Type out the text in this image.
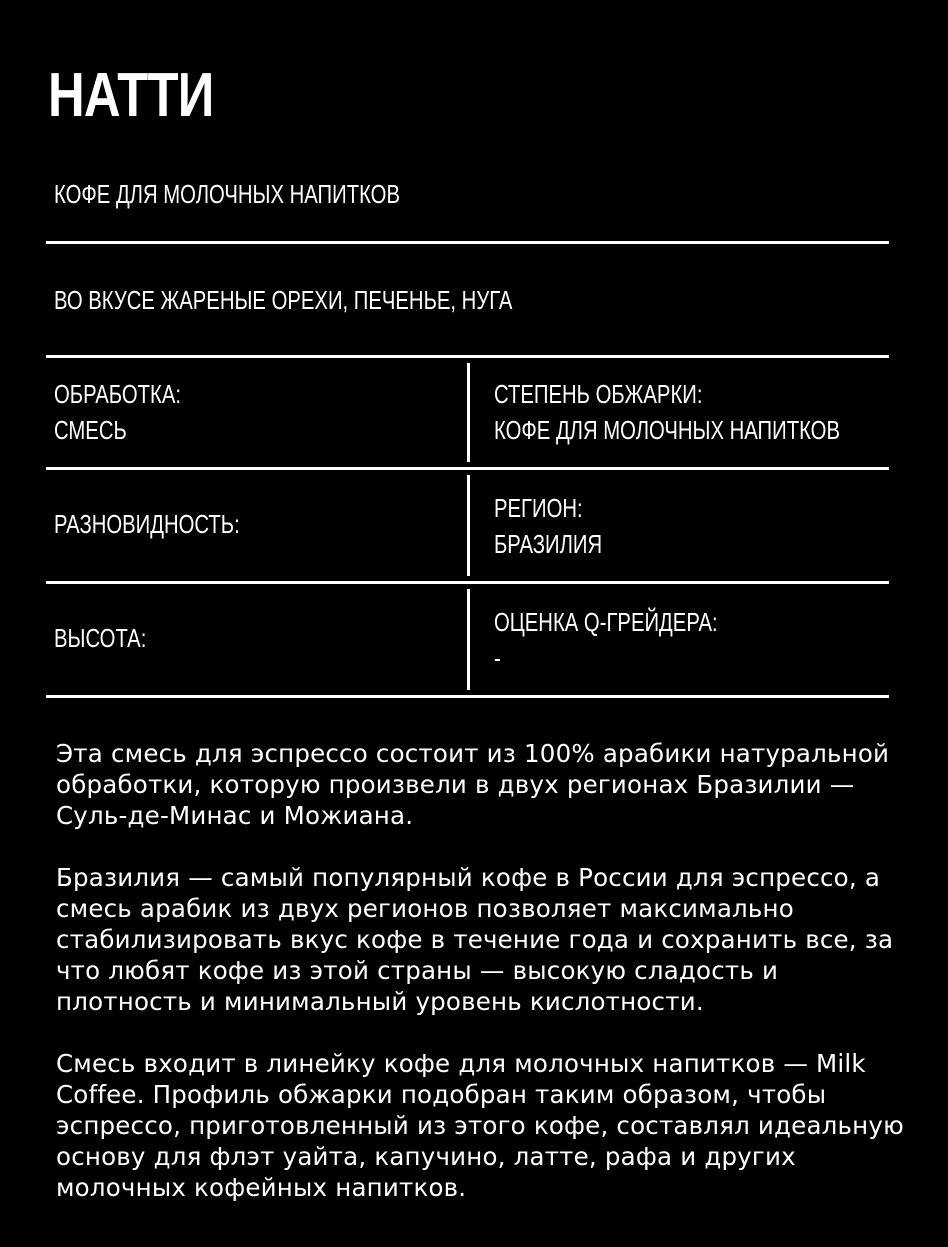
НАТТИ
КОФЕ ДЛЯ МОЛОЧНЫХ НАПИТКОВ
ВО ВКУСЕ ЖАРЕНЫЕ ОРЕХИ, ПЕЧЕНЬЕ, НУГА
ОБРАБОТКА:
СМЕСЬ
СТЕПЕНЬ ОБЖАРКИ:
КОФЕ ДЛЯ МОЛОЧНЫХ НАПИТКОВ
РАЗНОВИДНОСТЬ:
РЕГИОН:
БРАЗИЛИЯ
ВЫСОТА:
ОЦЕНКА Q-ГРЕЙДЕРА:
-

Эта смесь для эспрессо состоит из 100% арабики натуральной обработки, которую произвели в двух регионах Бразилии — Суль-де-Минас и Можиана.

Бразилия — самый популярный кофе в России для эспрессо, а смесь арабик из двух регионов позволяет максимально стабилизировать вкус кофе в течение года и сохранить все, за что любят кофе из этой страны — высокую сладость и плотность и минимальный уровень кислотности.

Смесь входит в линейку кофе для молочных напитков — Milk Coffee. Профиль обжарки подобран таким образом, чтобы эспрессо, приготовленный из этого кофе, составлял идеальную основу для флэт уайта, капучино, латте, рафа и других молочных кофейных напитков.
